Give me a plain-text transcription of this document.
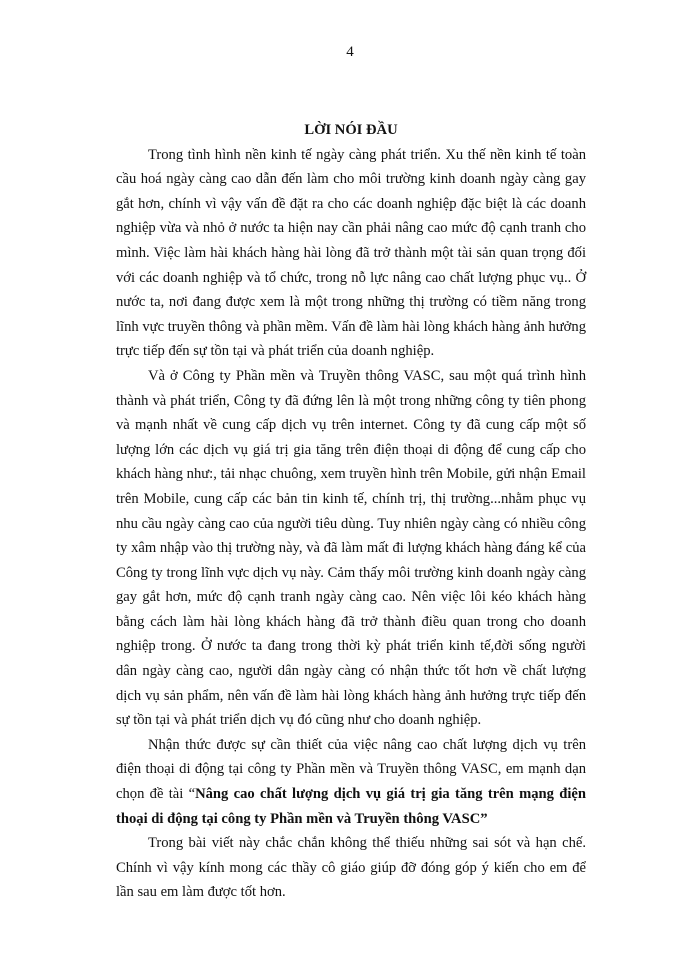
4

LỜI NÓI ĐẦU

Trong tình hình nền kinh tế ngày càng phát triển. Xu thế nền kinh tế toàn cầu hoá ngày càng cao dẫn đến làm cho môi trường kinh doanh ngày càng gay gắt hơn, chính vì vậy vấn đề đặt ra cho các doanh nghiệp đặc biệt là các doanh nghiệp vừa và nhỏ ở nước ta hiện nay cần phải nâng cao mức độ cạnh tranh cho mình. Việc làm hài khách hàng hài lòng đã trở thành một tài sản quan trọng đối với các doanh nghiệp và tổ chức, trong nỗ lực nâng cao chất lượng phục vụ.. Ở nước ta, nơi đang được xem là một trong những thị trường có tiềm năng trong lĩnh vực truyền thông và phần mềm. Vấn đề làm hài lòng khách hàng ảnh hưởng trực tiếp đến sự tồn tại và phát triển của doanh nghiệp.

Và ở Công ty Phần mền và Truyền thông VASC, sau một quá trình hình thành và phát triển, Công ty đã đứng lên là một trong những công ty tiên phong và mạnh nhất về cung cấp dịch vụ trên internet. Công ty đã cung cấp một số lượng lớn các dịch vụ giá trị gia tăng trên điện thoại di động để cung cấp cho khách hàng như:, tải nhạc chuông, xem truyền hình trên Mobile, gửi nhận Email trên Mobile, cung cấp các bản tin kinh tế, chính trị, thị trường...nhằm phục vụ nhu cầu ngày càng cao của người tiêu dùng. Tuy nhiên ngày càng có nhiều công ty xâm nhập vào thị trường này, và đã làm mất đi lượng khách hàng đáng kể của Công ty trong lĩnh vực dịch vụ này. Cảm thấy môi trường kinh doanh ngày càng gay gắt hơn, mức độ cạnh tranh ngày càng cao. Nên việc lôi kéo khách hàng bằng cách làm hài lòng khách hàng đã trở thành điều quan trong cho doanh nghiệp trong. Ở nước ta đang trong thời kỳ phát triển kinh tế,đời sống người dân ngày càng cao, người dân ngày càng có nhận thức tốt hơn về chất lượng dịch vụ sản phẩm, nên vấn đề làm hài lòng khách hàng ảnh hưởng trực tiếp đến sự tồn tại và phát triển dịch vụ đó cũng như cho doanh nghiệp.

Nhận thức được sự cần thiết của việc nâng cao chất lượng dịch vụ trên điện thoại di động tại công ty Phần mền và Truyền thông VASC, em mạnh dạn chọn đề tài “Nâng cao chất lượng dịch vụ giá trị gia tăng trên mạng điện thoại di động tại công ty Phần mền và Truyền thông VASC”

Trong bài viết này chắc chắn không thể thiếu những sai sót và hạn chế. Chính vì vậy kính mong các thầy cô giáo giúp đỡ đóng góp ý kiến cho em để lần sau em làm được tốt hơn.
